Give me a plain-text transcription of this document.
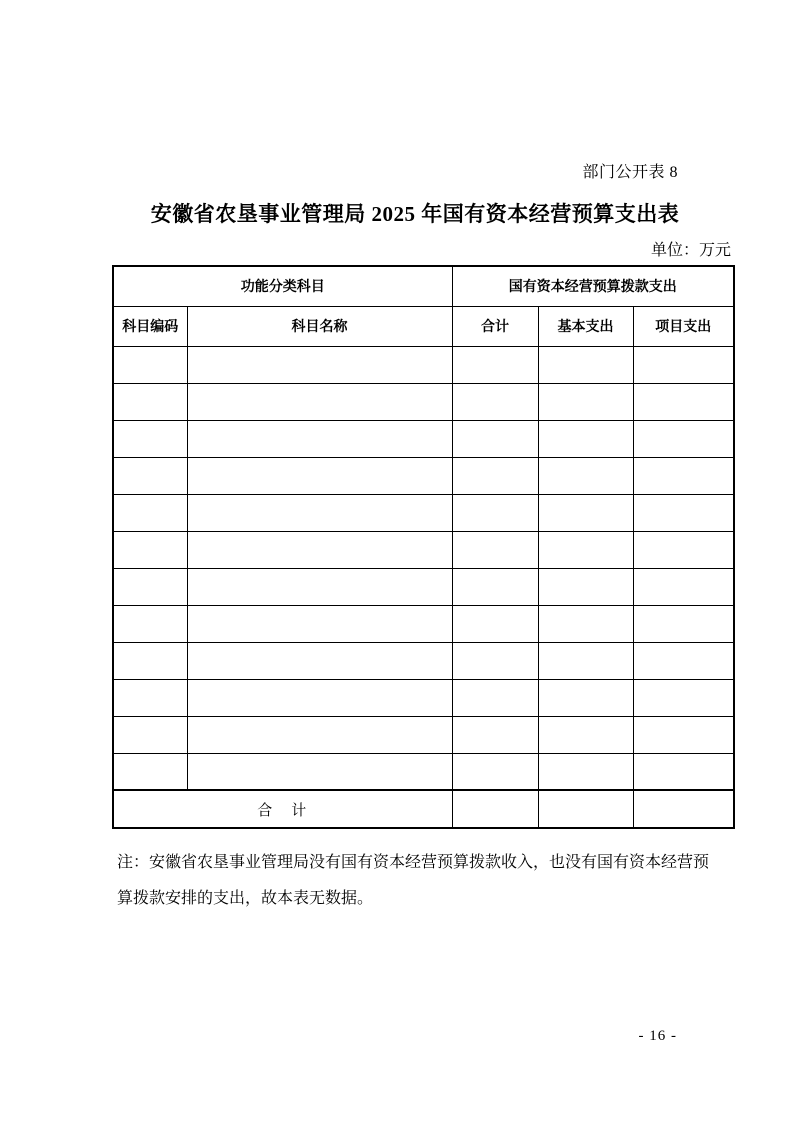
部门公开表 8
安徽省农垦事业管理局 2025 年国有资本经营预算支出表
单位：万元
功能分类科目		国有资本经营预算拨款支出		
科目编码	科目名称	合计	基本支出	项目支出

合　计				
注：安徽省农垦事业管理局没有国有资本经营预算拨款收入，也没有国有资本经营预
算拨款安排的支出，故本表无数据。
- 16 -
